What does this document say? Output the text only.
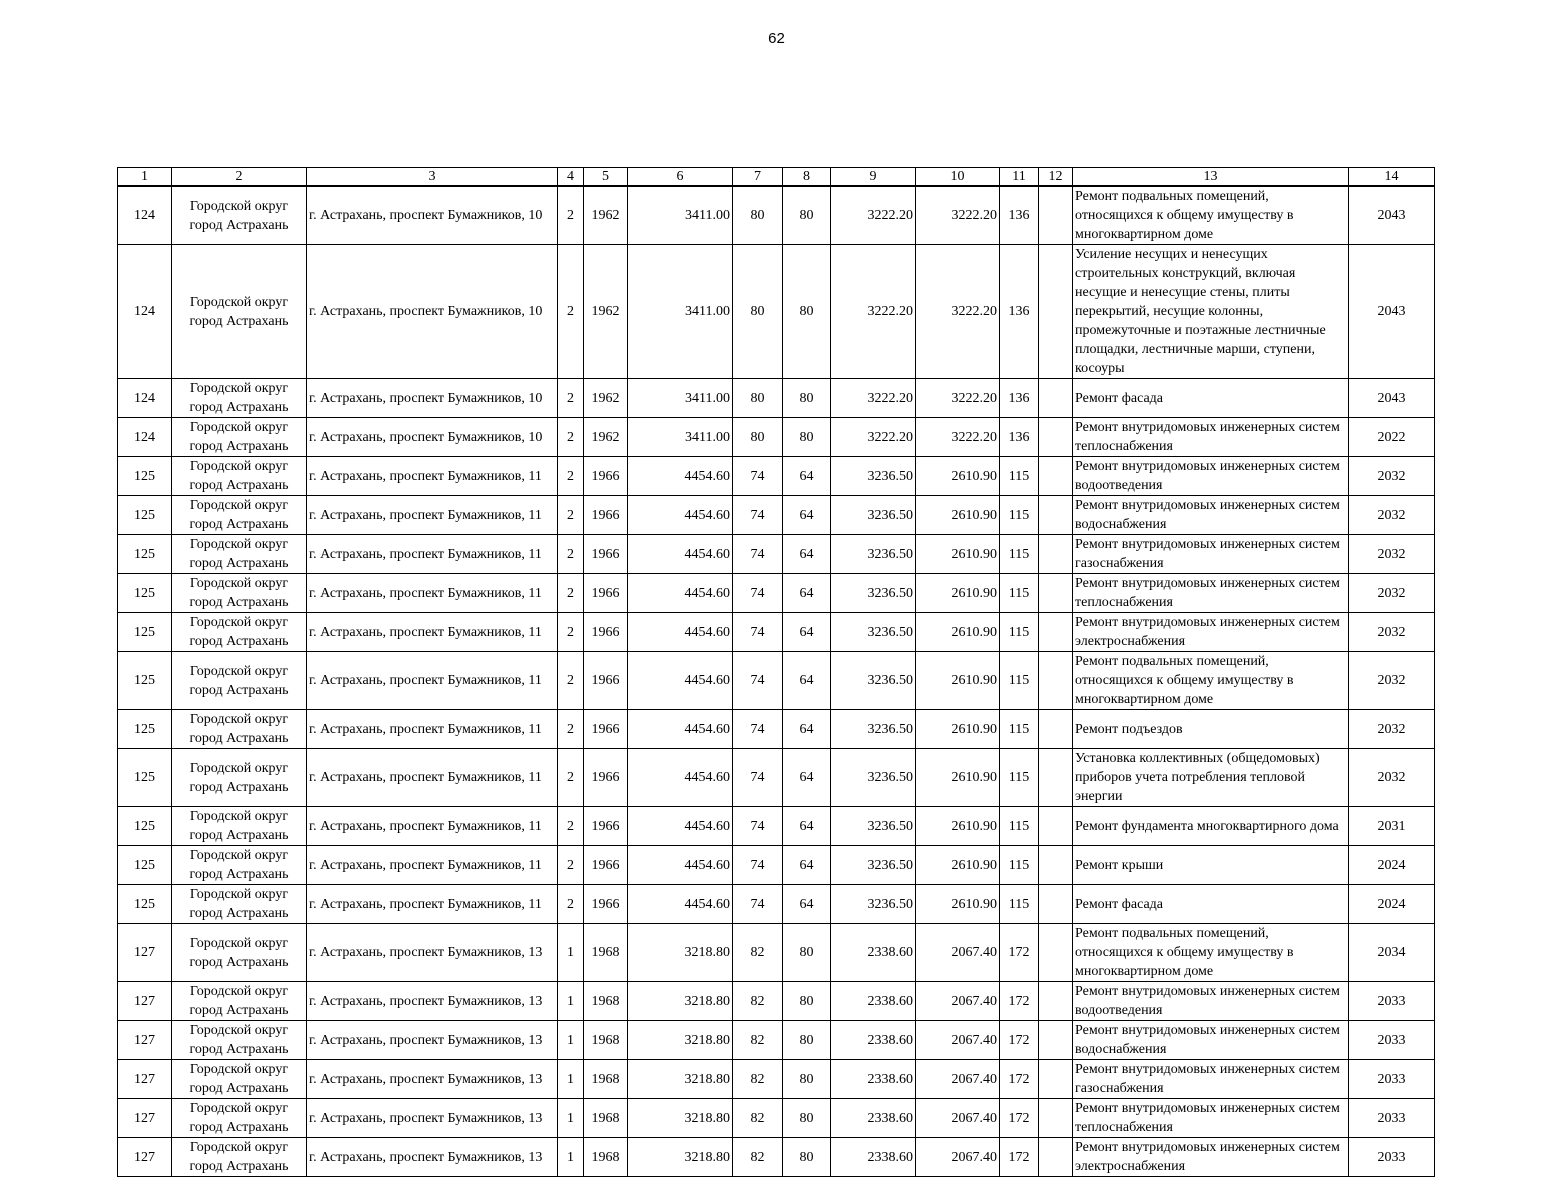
62
1	2	3	4	5	6	7	8	9	10	11	12	13	14
124	Городской округ город Астрахань	г. Астрахань, проспект Бумажников, 10	2	1962	3411.00	80	80	3222.20	3222.20	136		Ремонт подвальных помещений, относящихся к общему имуществу в многоквартирном доме	2043
124	Городской округ город Астрахань	г. Астрахань, проспект Бумажников, 10	2	1962	3411.00	80	80	3222.20	3222.20	136		Усиление несущих и ненесущих строительных конструкций, включая несущие и ненесущие стены, плиты перекрытий, несущие колонны, промежуточные и поэтажные лестничные площадки, лестничные марши, ступени, косоуры	2043
124	Городской округ город Астрахань	г. Астрахань, проспект Бумажников, 10	2	1962	3411.00	80	80	3222.20	3222.20	136		Ремонт фасада	2043
124	Городской округ город Астрахань	г. Астрахань, проспект Бумажников, 10	2	1962	3411.00	80	80	3222.20	3222.20	136		Ремонт внутридомовых инженерных систем теплоснабжения	2022
125	Городской округ город Астрахань	г. Астрахань, проспект Бумажников, 11	2	1966	4454.60	74	64	3236.50	2610.90	115		Ремонт внутридомовых инженерных систем водоотведения	2032
125	Городской округ город Астрахань	г. Астрахань, проспект Бумажников, 11	2	1966	4454.60	74	64	3236.50	2610.90	115		Ремонт внутридомовых инженерных систем водоснабжения	2032
125	Городской округ город Астрахань	г. Астрахань, проспект Бумажников, 11	2	1966	4454.60	74	64	3236.50	2610.90	115		Ремонт внутридомовых инженерных систем газоснабжения	2032
125	Городской округ город Астрахань	г. Астрахань, проспект Бумажников, 11	2	1966	4454.60	74	64	3236.50	2610.90	115		Ремонт внутридомовых инженерных систем теплоснабжения	2032
125	Городской округ город Астрахань	г. Астрахань, проспект Бумажников, 11	2	1966	4454.60	74	64	3236.50	2610.90	115		Ремонт внутридомовых инженерных систем электроснабжения	2032
125	Городской округ город Астрахань	г. Астрахань, проспект Бумажников, 11	2	1966	4454.60	74	64	3236.50	2610.90	115		Ремонт подвальных помещений, относящихся к общему имуществу в многоквартирном доме	2032
125	Городской округ город Астрахань	г. Астрахань, проспект Бумажников, 11	2	1966	4454.60	74	64	3236.50	2610.90	115		Ремонт подъездов	2032
125	Городской округ город Астрахань	г. Астрахань, проспект Бумажников, 11	2	1966	4454.60	74	64	3236.50	2610.90	115		Установка коллективных (общедомовых) приборов учета потребления тепловой энергии	2032
125	Городской округ город Астрахань	г. Астрахань, проспект Бумажников, 11	2	1966	4454.60	74	64	3236.50	2610.90	115		Ремонт фундамента многоквартирного дома	2031
125	Городской округ город Астрахань	г. Астрахань, проспект Бумажников, 11	2	1966	4454.60	74	64	3236.50	2610.90	115		Ремонт крыши	2024
125	Городской округ город Астрахань	г. Астрахань, проспект Бумажников, 11	2	1966	4454.60	74	64	3236.50	2610.90	115		Ремонт фасада	2024
127	Городской округ город Астрахань	г. Астрахань, проспект Бумажников, 13	1	1968	3218.80	82	80	2338.60	2067.40	172		Ремонт подвальных помещений, относящихся к общему имуществу в многоквартирном доме	2034
127	Городской округ город Астрахань	г. Астрахань, проспект Бумажников, 13	1	1968	3218.80	82	80	2338.60	2067.40	172		Ремонт внутридомовых инженерных систем водоотведения	2033
127	Городской округ город Астрахань	г. Астрахань, проспект Бумажников, 13	1	1968	3218.80	82	80	2338.60	2067.40	172		Ремонт внутридомовых инженерных систем водоснабжения	2033
127	Городской округ город Астрахань	г. Астрахань, проспект Бумажников, 13	1	1968	3218.80	82	80	2338.60	2067.40	172		Ремонт внутридомовых инженерных систем газоснабжения	2033
127	Городской округ город Астрахань	г. Астрахань, проспект Бумажников, 13	1	1968	3218.80	82	80	2338.60	2067.40	172		Ремонт внутридомовых инженерных систем теплоснабжения	2033
127	Городской округ город Астрахань	г. Астрахань, проспект Бумажников, 13	1	1968	3218.80	82	80	2338.60	2067.40	172		Ремонт внутридомовых инженерных систем электроснабжения	2033
